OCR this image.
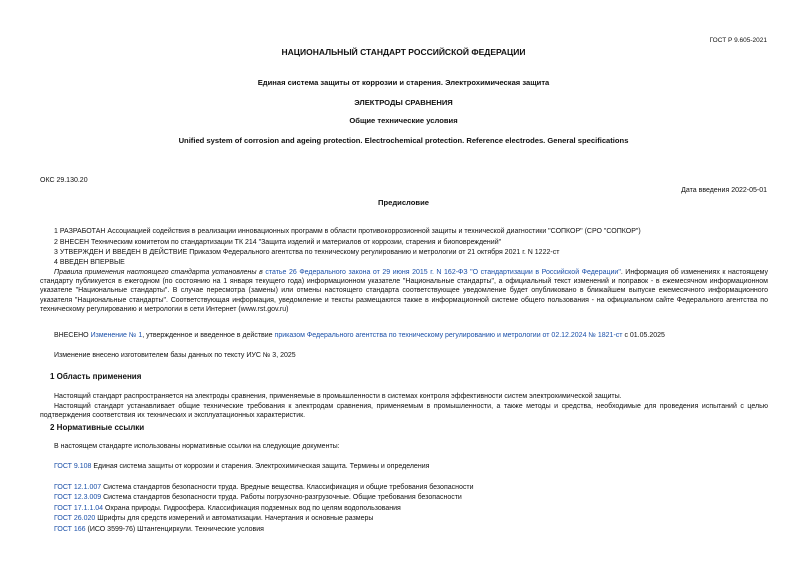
ГОСТ Р 9.605-2021
НАЦИОНАЛЬНЫЙ СТАНДАРТ РОССИЙСКОЙ ФЕДЕРАЦИИ
Единая система защиты от коррозии и старения. Электрохимическая защита
ЭЛЕКТРОДЫ СРАВНЕНИЯ
Общие технические условия
Unified system of corrosion and ageing protection. Electrochemical protection. Reference electrodes. General specifications
ОКС 29.130.20
Дата введения 2022-05-01
Предисловие
1 РАЗРАБОТАН Ассоциацией содействия в реализации инновационных программ в области противокоррозионной защиты и технической диагностики "СОПКОР" (СРО "СОПКОР")
2 ВНЕСЕН Техническим комитетом по стандартизации ТК 214 "Защита изделий и материалов от коррозии, старения и биоповреждений"
3 УТВЕРЖДЕН И ВВЕДЕН В ДЕЙСТВИЕ Приказом Федерального агентства по техническому регулированию и метрологии от 21 октября 2021 г. N 1222-ст
4 ВВЕДЕН ВПЕРВЫЕ
Правила применения настоящего стандарта установлены в статье 26 Федерального закона от 29 июня 2015 г. N 162-ФЗ "О стандартизации в Российской Федерации". Информация об изменениях к настоящему стандарту публикуется в ежегодном (по состоянию на 1 января текущего года) информационном указателе "Национальные стандарты", а официальный текст изменений и поправок - в ежемесячном информационном указателе "Национальные стандарты". В случае пересмотра (замены) или отмены настоящего стандарта соответствующее уведомление будет опубликовано в ближайшем выпуске ежемесячного информационного указателя "Национальные стандарты". Соответствующая информация, уведомление и тексты размещаются также в информационной системе общего пользования - на официальном сайте Федерального агентства по техническому регулированию и метрологии в сети Интернет (www.rst.gov.ru)
ВНЕСЕНО Изменение № 1, утвержденное и введенное в действие приказом Федерального агентства по техническому регулированию и метрологии от 02.12.2024 № 1821-ст с 01.05.2025
Изменение внесено изготовителем базы данных по тексту ИУС № 3, 2025
1 Область применения
Настоящий стандарт распространяется на электроды сравнения, применяемые в промышленности в системах контроля эффективности систем электрохимической защиты.
Настоящий стандарт устанавливает общие технические требования к электродам сравнения, применяемым в промышленности, а также методы и средства, необходимые для проведения испытаний с целью подтверждения соответствия их технических и эксплуатационных характеристик.
2 Нормативные ссылки
В настоящем стандарте использованы нормативные ссылки на следующие документы:
ГОСТ 9.108 Единая система защиты от коррозии и старения. Электрохимическая защита. Термины и определения
ГОСТ 12.1.007 Система стандартов безопасности труда. Вредные вещества. Классификация и общие требования безопасности
ГОСТ 12.3.009 Система стандартов безопасности труда. Работы погрузочно-разгрузочные. Общие требования безопасности
ГОСТ 17.1.1.04 Охрана природы. Гидросфера. Классификация подземных вод по целям водопользования
ГОСТ 26.020 Шрифты для средств измерений и автоматизации. Начертания и основные размеры
ГОСТ 166 (ИСО 3599-76) Штангенциркули. Технические условия
